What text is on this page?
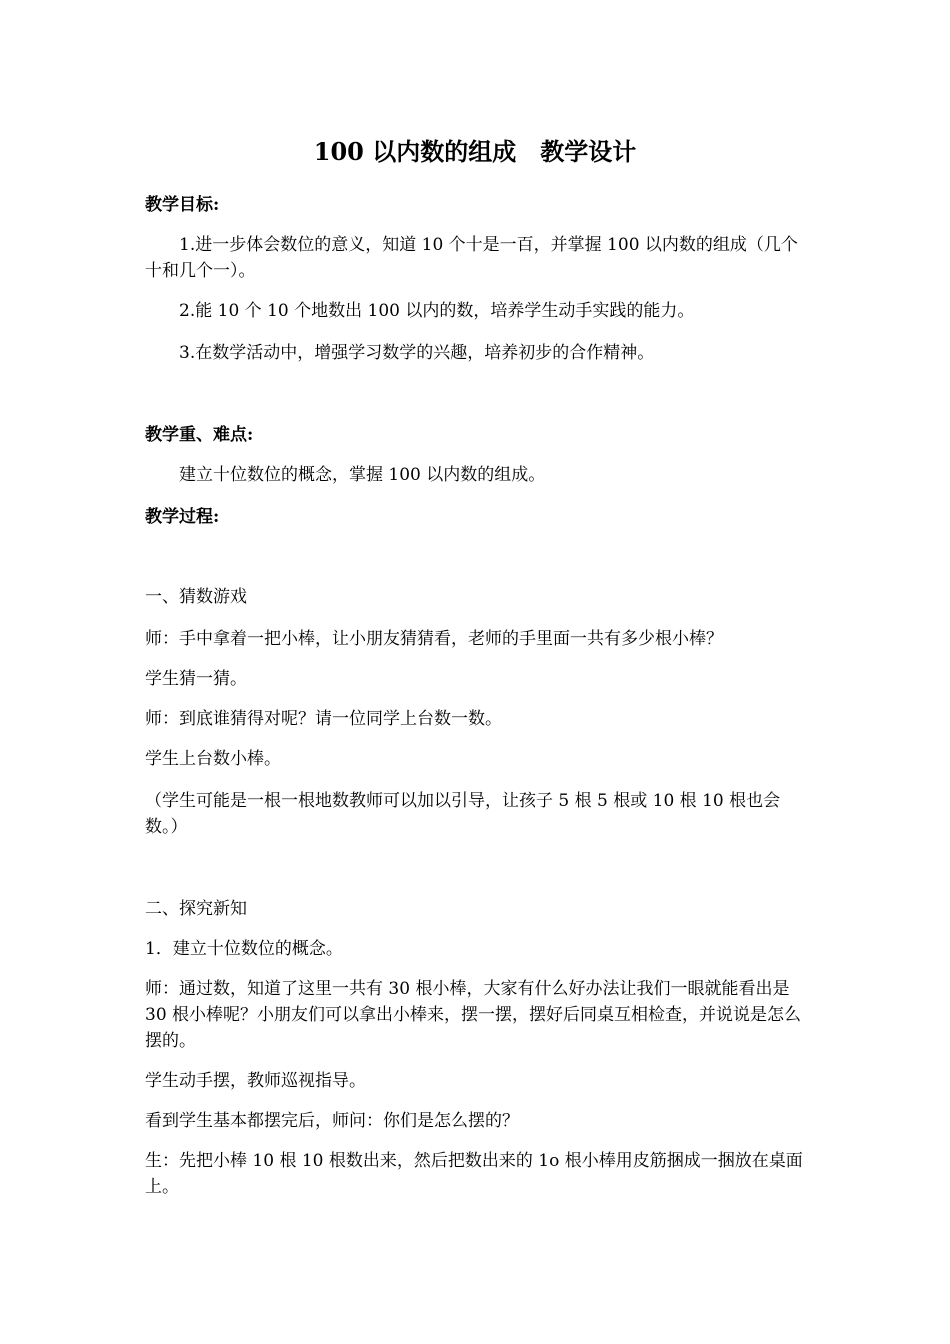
100 以内数的组成　教学设计
教学目标:
1.进一步体会数位的意义，知道 10 个十是一百，并掌握 100 以内数的组成（几个十和几个一）。
2.能 10 个 10 个地数出 100 以内的数，培养学生动手实践的能力。
3.在数学活动中，增强学习数学的兴趣，培养初步的合作精神。
教学重、难点:
建立十位数位的概念，掌握 100 以内数的组成。
教学过程:
一、猜数游戏
师：手中拿着一把小棒，让小朋友猜猜看，老师的手里面一共有多少根小棒？
学生猜一猜。
师：到底谁猜得对呢？请一位同学上台数一数。
学生上台数小棒。
（学生可能是一根一根地数教师可以加以引导，让孩子 5 根 5 根或 10 根 10 根也会数。）
二、探究新知
1．建立十位数位的概念。
师：通过数，知道了这里一共有 30 根小棒，大家有什么好办法让我们一眼就能看出是 30 根小棒呢？小朋友们可以拿出小棒来，摆一摆，摆好后同桌互相检查，并说说是怎么摆的。
学生动手摆，教师巡视指导。
看到学生基本都摆完后，师问：你们是怎么摆的？
生：先把小棒 10 根 10 根数出来，然后把数出来的 1o 根小棒用皮筋捆成一捆放在桌面上。
